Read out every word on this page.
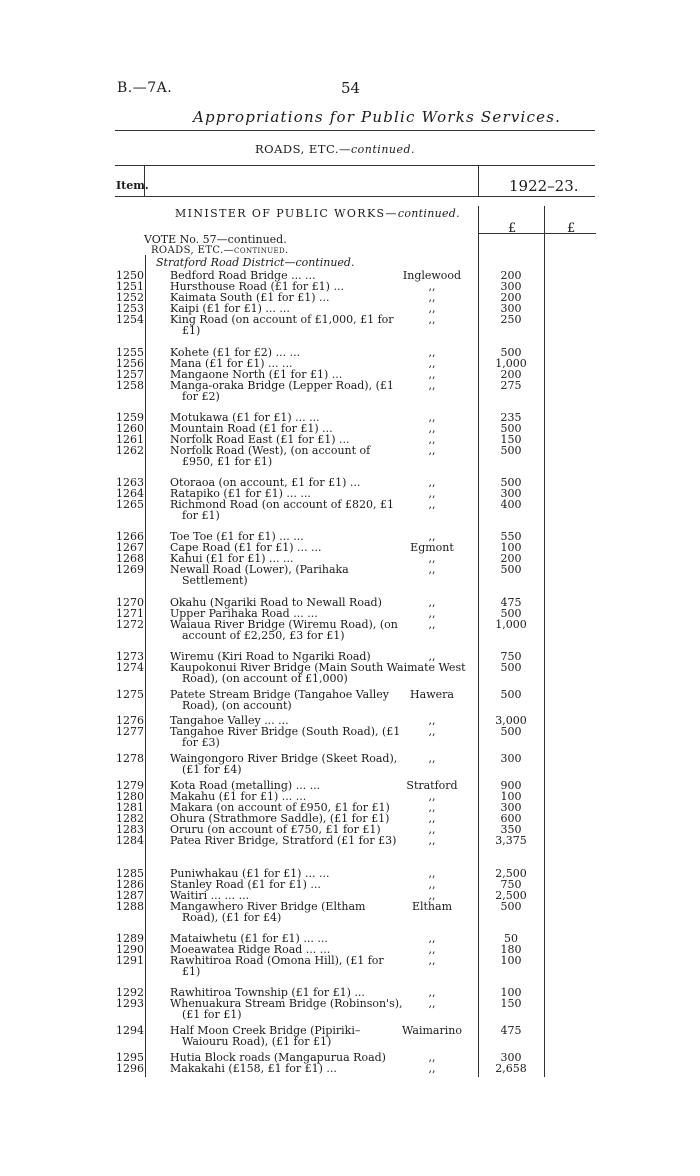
B.—7A.	54
Appropriations for Public Works Services.
ROADS, ETC.—continued.
Item.	1922–23.
MINISTER OF PUBLIC WORKS—continued.
£	£
VOTE No. 57—continued.
ROADS, ETC.—continued.
Stratford Road District—continued.
1250 Bedford Road Bridge ... ...	Inglewood	200
1251 Hursthouse Road (£1 for £1) ...	,,	300
1252 Kaimata South (£1 for £1) ...	,,	200
1253 Kaipi (£1 for £1) ... ...	,,	300
1254 King Road (on account of £1,000, £1 for £1)
,,	250
1255 Kohete (£1 for £2) ... ...	,,	500
1256 Mana (£1 for £1) ... ...	,,	1,000
1257 Mangaone North (£1 for £1) ...	,,	200
1258 Manga-oraka Bridge (Lepper Road), (£1 for £2)
,,	275
1259 Motukawa (£1 for £1) ... ...	,,	235
1260 Mountain Road (£1 for £1) ...	,,	500
1261 Norfolk Road East (£1 for £1) ...	,,	150
1262 Norfolk Road (West), (on account of £950, £1 for £1)
,,	500
1263 Otoraoa (on account, £1 for £1) ...	,,	500
1264 Ratapiko (£1 for £1) ... ...	,,	300
1265 Richmond Road (on account of £820, £1 for £1)
,,	400
1266 Toe Toe (£1 for £1) ... ...	,,	550
1267 Cape Road (£1 for £1) ... ...	Egmont	100
1268 Kahui (£1 for £1) ... ...	,,	200
1269 Newall Road (Lower), (Parihaka Settlement)
,,	500
1270 Okahu (Ngariki Road to Newall Road)	,,	475
1271 Upper Parihaka Road ... ...	,,	500
1272 Waiaua River Bridge (Wiremu Road), (on account of £2,250, £3 for £1)
,,	1,000
1273 Wiremu (Kiri Road to Ngariki Road)	,,	750
1274 Kaupokonui River Bridge (Main South Waimate West Road), (on account of £1,000)
500
1275 Patete Stream Bridge (Tangahoe Valley Road), (on account)
Hawera	500
1276 Tangahoe Valley ... ...	,,	3,000
1277 Tangahoe River Bridge (South Road), (£1 for £3)
,,	500
1278 Waingongoro River Bridge (Skeet Road), (£1 for £4)
,,	300
1279 Kota Road (metalling) ... ...	Stratford	900
1280 Makahu (£1 for £1) ... ...	,,	100
1281 Makara (on account of £950, £1 for £1)	,,	300
1282 Ohura (Strathmore Saddle), (£1 for £1)	,,	600
1283 Oruru (on account of £750, £1 for £1)	,,	350
1284 Patea River Bridge, Stratford (£1 for £3)	,,	3,375
1285 Puniwhakau (£1 for £1) ... ...	,,	2,500
1286 Stanley Road (£1 for £1) ...	,,	750
1287 Waitiri ... ... ...	,,	2,500
1288 Mangawhero River Bridge (Eltham Road), (£1 for £4)
Eltham	500
1289 Mataiwhetu (£1 for £1) ... ...	,,	50
1290 Moeawatea Ridge Road ... ...	,,	180
1291 Rawhitiroa Road (Omona Hill), (£1 for £1)
,,	100
1292 Rawhitiroa Township (£1 for £1) ...	,,	100
1293 Whenuakura Stream Bridge (Robinson's), (£1 for £1)
,,	150
1294 Half Moon Creek Bridge (Pipiriki–Waiouru Road), (£1 for £1)
Waimarino	475
1295 Hutia Block roads (Mangapurua Road)	,,	300
1296 Makakahi (£158, £1 for £1) ...	,,	2,658
